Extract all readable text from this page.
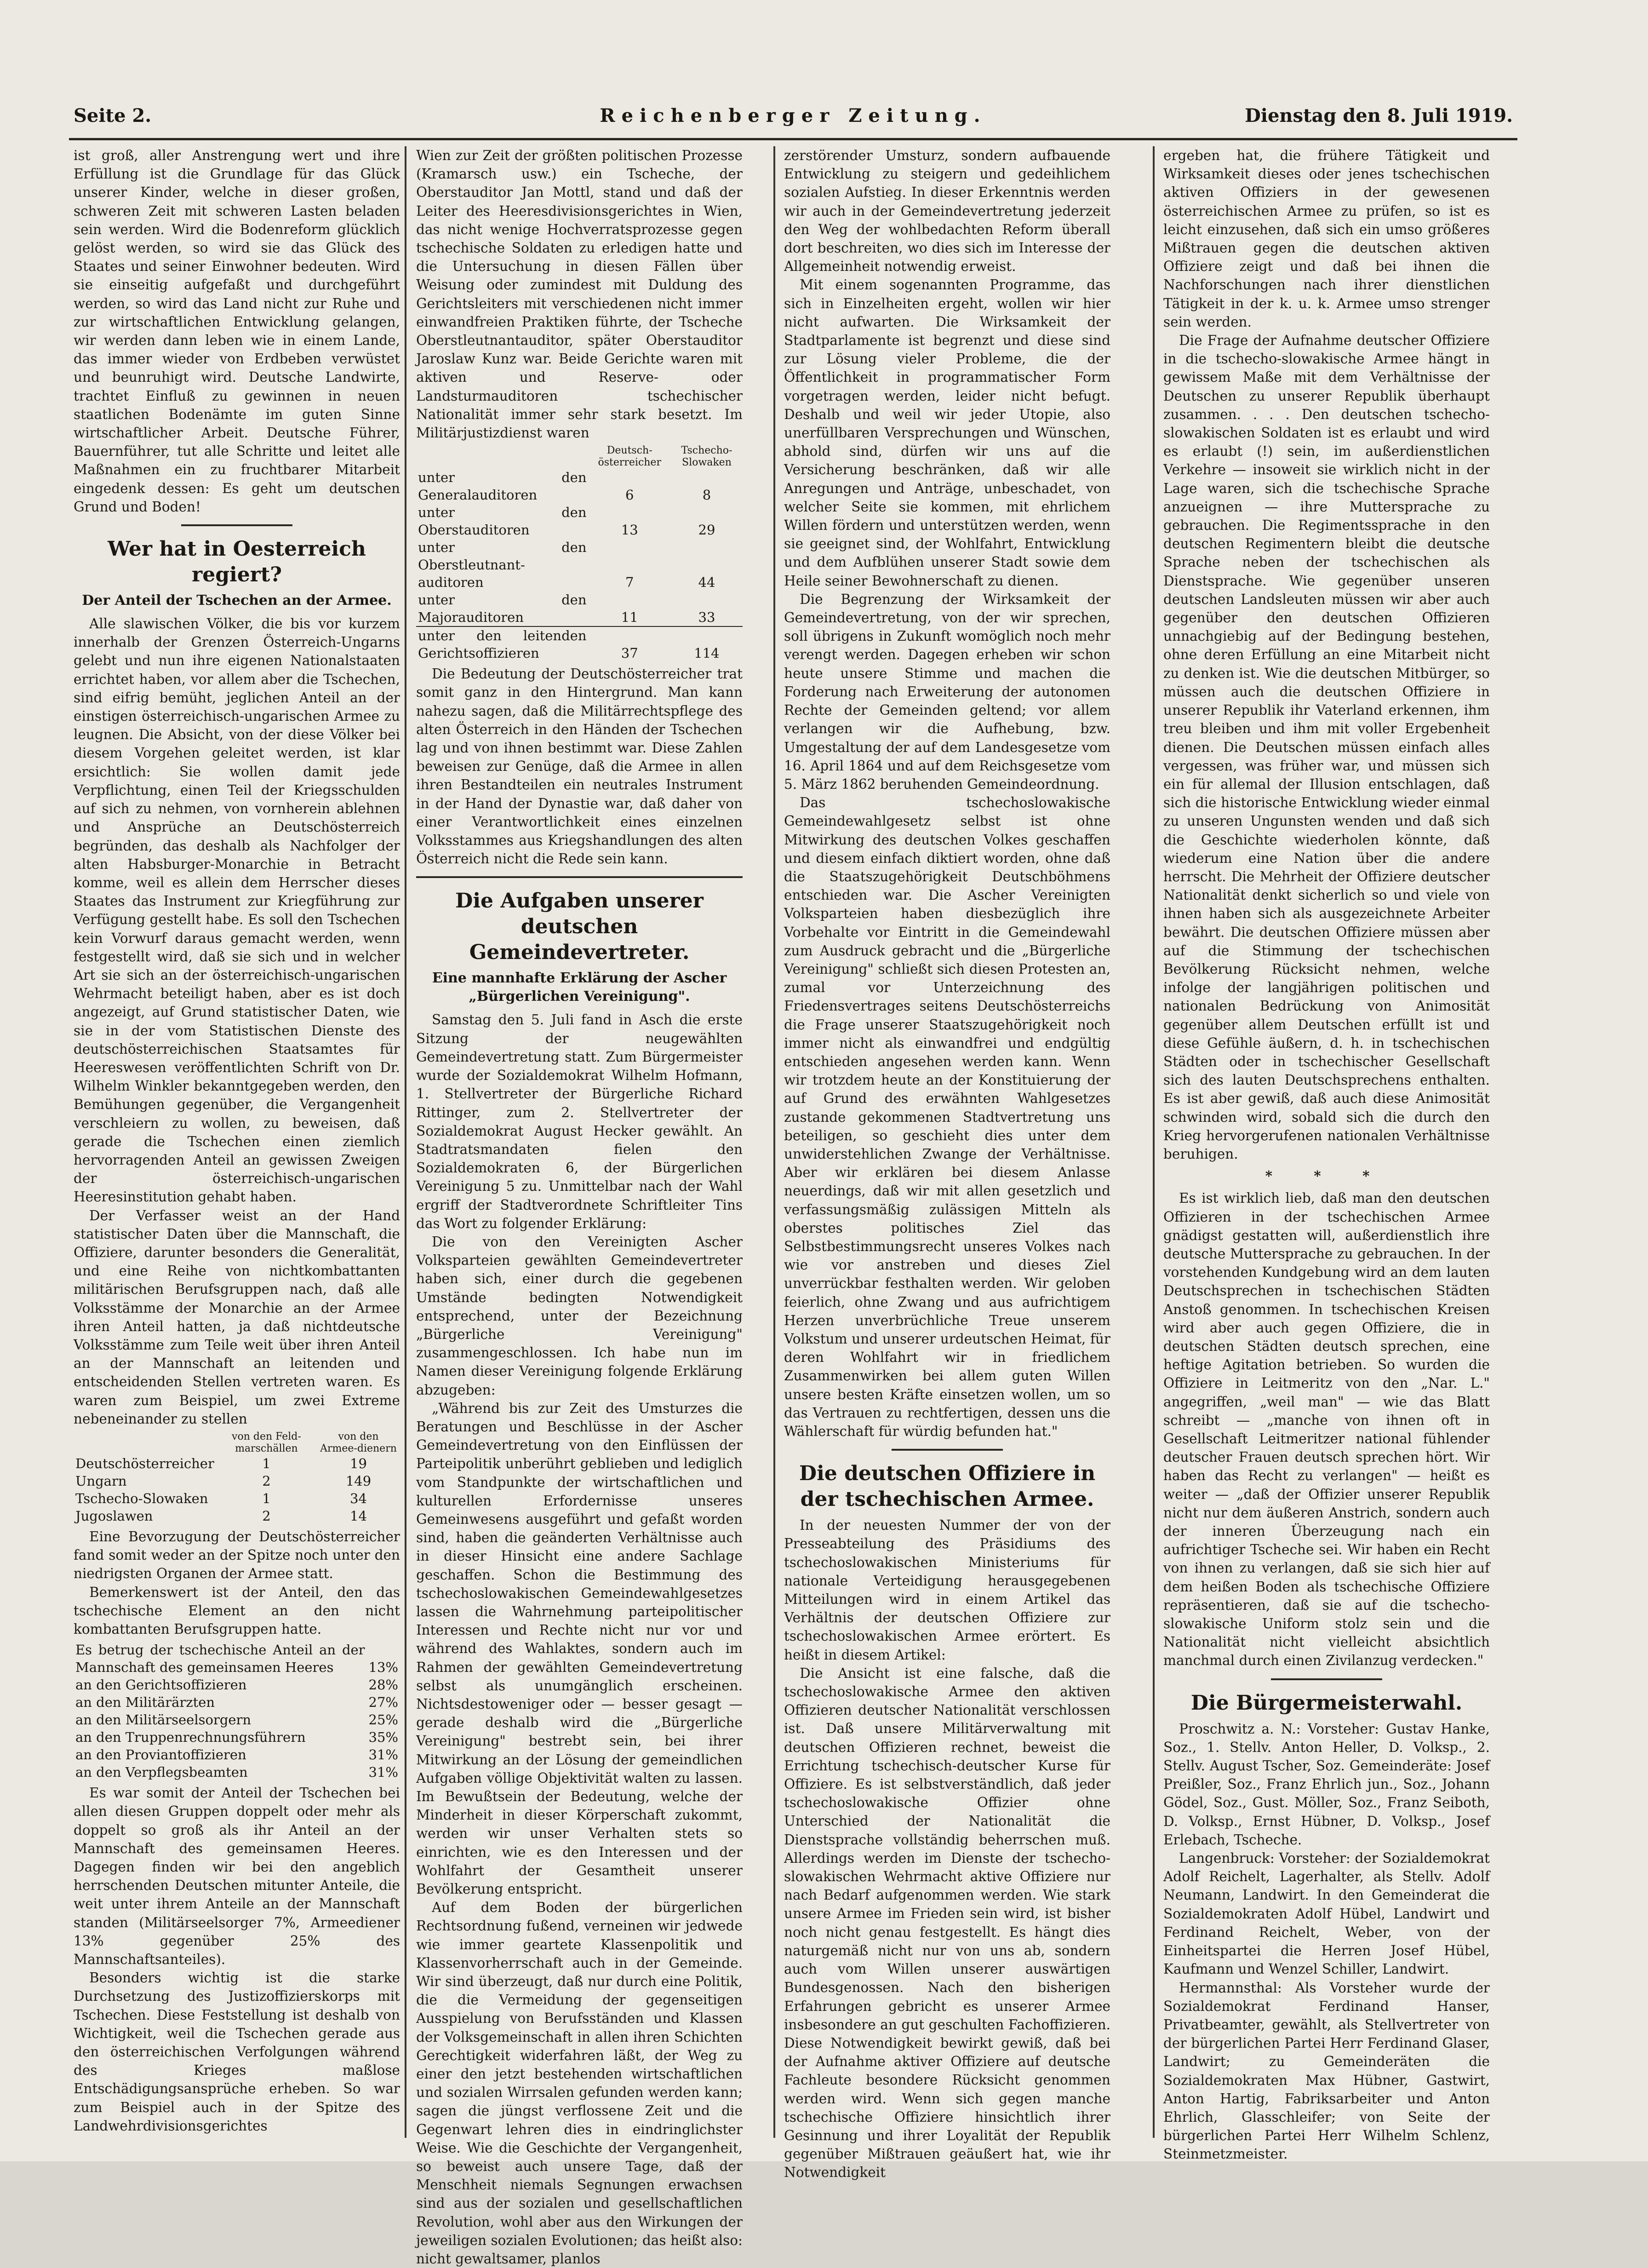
Seite 2.	Reichenberger Zeitung.	Dienstag den 8. Juli 1919.

ist groß, aller Anstrengung wert und ihre Erfüllung ist die Grundlage für das Glück unserer Kinder, welche in dieser großen, schweren Zeit mit schweren Lasten beladen sein werden. Wird die Bodenreform glücklich gelöst werden, so wird sie das Glück des Staates und seiner Einwohner bedeuten. Wird sie einseitig aufgefaßt und durchgeführt werden, so wird das Land nicht zur Ruhe und zur wirtschaftlichen Entwicklung gelangen, wir werden dann leben wie in einem Lande, das immer wieder von Erdbeben verwüstet und beunruhigt wird. Deutsche Landwirte, trachtet Einfluß zu gewinnen in neuen staatlichen Bodenämte im guten Sinne wirtschaftlicher Arbeit. Deutsche Führer, Bauernführer, tut alle Schritte und leitet alle Maßnahmen ein zu fruchtbarer Mitarbeit eingedenk dessen: Es geht um deutschen Grund und Boden!

Wer hat in Oesterreich regiert?
Der Anteil der Tschechen an der Armee.

Alle slawischen Völker, die bis vor kurzem innerhalb der Grenzen Österreich-Ungarns gelebt und nun ihre eigenen Nationalstaaten errichtet haben, vor allem aber die Tschechen, sind eifrig bemüht, jeglichen Anteil an der einstigen österreichisch-ungarischen Armee zu leugnen. Die Absicht, von der diese Völker bei diesem Vorgehen geleitet werden, ist klar ersichtlich: Sie wollen damit jede Verpflichtung, einen Teil der Kriegsschulden auf sich zu nehmen, von vornherein ablehnen und Ansprüche an Deutschösterreich begründen, das deshalb als Nachfolger der alten Habsburger-Monarchie in Betracht komme, weil es allein dem Herrscher dieses Staates das Instrument zur Kriegführung zur Verfügung gestellt habe. Es soll den Tschechen kein Vorwurf daraus gemacht werden, wenn festgestellt wird, daß sie sich und in welcher Art sie sich an der österreichisch-ungarischen Wehrmacht beteiligt haben, aber es ist doch angezeigt, auf Grund statistischer Daten, wie sie in der vom Statistischen Dienste des deutschösterreichischen Staatsamtes für Heereswesen veröffentlichten Schrift von Dr. Wilhelm Winkler bekanntgegeben werden, den Bemühungen gegenüber, die Vergangenheit verschleiern zu wollen, zu beweisen, daß gerade die Tschechen einen ziemlich hervorragenden Anteil an gewissen Zweigen der österreichisch-ungarischen Heeresinstitution gehabt haben.

Der Verfasser weist an der Hand statistischer Daten über die Mannschaft, die Offiziere, darunter besonders die Generalität, und eine Reihe von nichtkombattanten militärischen Berufsgruppen nach, daß alle Volksstämme der Monarchie an der Armee ihren Anteil hatten, ja daß nichtdeutsche Volksstämme zum Teile weit über ihren Anteil an der Mannschaft an leitenden und entscheidenden Stellen vertreten waren. Es waren zum Beispiel, um zwei Extreme nebeneinander zu stellen

	von den Feld-marschällen	von den Armee-dienern
Deutschösterreicher	1	19
Ungarn	2	149
Tschecho-Slowaken	1	34
Jugoslawen	2	14

Eine Bevorzugung der Deutschösterreicher fand somit weder an der Spitze noch unter den niedrigsten Organen der Armee statt.

Bemerkenswert ist der Anteil, den das tschechische Element an den nicht kombattanten Berufsgruppen hatte.

Es betrug der tschechische Anteil an der Mannschaft des gemeinsamen Heeres	13%
an den Gerichtsoffizieren	28%
an den Militärärzten	27%
an den Militärseelsorgern	25%
an den Truppenrechnungsführern	35%
an den Proviantoffizieren	31%
an den Verpflegsbeamten	31%

Es war somit der Anteil der Tschechen bei allen diesen Gruppen doppelt oder mehr als doppelt so groß als ihr Anteil an der Mannschaft des gemeinsamen Heeres. Dagegen finden wir bei den angeblich herrschenden Deutschen mitunter Anteile, die weit unter ihrem Anteile an der Mannschaft standen (Militärseelsorger 7%, Armeediener 13% gegenüber 25% des Mannschaftsanteiles).

Besonders wichtig ist die starke Durchsetzung des Justizoffizierskorps mit Tschechen. Diese Feststellung ist deshalb von Wichtigkeit, weil die Tschechen gerade aus den österreichischen Verfolgungen während des Krieges maßlose Entschädigungsansprüche erheben. So war zum Beispiel auch in der Spitze des Landwehrdivisionsgerichtes

Wien zur Zeit der größten politischen Prozesse (Kramarsch usw.) ein Tscheche, der Oberstauditor Jan Mottl, stand und daß der Leiter des Heeresdivisionsgerichtes in Wien, das nicht wenige Hochverratsprozesse gegen tschechische Soldaten zu erledigen hatte und die Untersuchung in diesen Fällen über Weisung oder zumindest mit Duldung des Gerichtsleiters mit verschiedenen nicht immer einwandfreien Praktiken führte, der Tscheche Oberstleutnantauditor, später Oberstauditor Jaroslaw Kunz war. Beide Gerichte waren mit aktiven und Reserve- oder Landsturmauditoren tschechischer Nationalität immer sehr stark besetzt. Im Militärjustizdienst waren

	Deutsch-österreicher	Tschecho-Slowaken
unter den Generalauditoren	6	8
unter den Oberstauditoren	13	29
unter den Oberstleutnant-auditoren	7	44
unter den Majorauditoren	11	33
unter den leitenden Gerichtsoffizieren	37	114

Die Bedeutung der Deutschösterreicher trat somit ganz in den Hintergrund. Man kann nahezu sagen, daß die Militärrechtspflege des alten Österreich in den Händen der Tschechen lag und von ihnen bestimmt war. Diese Zahlen beweisen zur Genüge, daß die Armee in allen ihren Bestandteilen ein neutrales Instrument in der Hand der Dynastie war, daß daher von einer Verantwortlichkeit eines einzelnen Volksstammes aus Kriegshandlungen des alten Österreich nicht die Rede sein kann.

Die Aufgaben unserer deutschen Gemeindevertreter.
Eine mannhafte Erklärung der Ascher „Bürgerlichen Vereinigung".

Samstag den 5. Juli fand in Asch die erste Sitzung der neugewählten Gemeindevertretung statt. Zum Bürgermeister wurde der Sozialdemokrat Wilhelm Hofmann, 1. Stellvertreter der Bürgerliche Richard Rittinger, zum 2. Stellvertreter der Sozialdemokrat August Hecker gewählt. An Stadtratsmandaten fielen den Sozialdemokraten 6, der Bürgerlichen Vereinigung 5 zu. Unmittelbar nach der Wahl ergriff der Stadtverordnete Schriftleiter Tins das Wort zu folgender Erklärung:

Die von den Vereinigten Ascher Volksparteien gewählten Gemeindevertreter haben sich, einer durch die gegebenen Umstände bedingten Notwendigkeit entsprechend, unter der Bezeichnung „Bürgerliche Vereinigung" zusammengeschlossen. Ich habe nun im Namen dieser Vereinigung folgende Erklärung abzugeben:

„Während bis zur Zeit des Umsturzes die Beratungen und Beschlüsse in der Ascher Gemeindevertretung von den Einflüssen der Parteipolitik unberührt geblieben und lediglich vom Standpunkte der wirtschaftlichen und kulturellen Erfordernisse unseres Gemeinwesens ausgeführt und gefaßt worden sind, haben die geänderten Verhältnisse auch in dieser Hinsicht eine andere Sachlage geschaffen. Schon die Bestimmung des tschechoslowakischen Gemeindewahlgesetzes lassen die Wahrnehmung parteipolitischer Interessen und Rechte nicht nur vor und während des Wahlaktes, sondern auch im Rahmen der gewählten Gemeindevertretung selbst als unumgänglich erscheinen. Nichtsdestoweniger oder — besser gesagt — gerade deshalb wird die „Bürgerliche Vereinigung" bestrebt sein, bei ihrer Mitwirkung an der Lösung der gemeindlichen Aufgaben völlige Objektivität walten zu lassen. Im Bewußtsein der Bedeutung, welche der Minderheit in dieser Körperschaft zukommt, werden wir unser Verhalten stets so einrichten, wie es den Interessen und der Wohlfahrt der Gesamtheit unserer Bevölkerung entspricht.

Auf dem Boden der bürgerlichen Rechtsordnung fußend, verneinen wir jedwede wie immer geartete Klassenpolitik und Klassenvorherrschaft auch in der Gemeinde. Wir sind überzeugt, daß nur durch eine Politik, die die Vermeidung der gegenseitigen Ausspielung von Berufsständen und Klassen der Volksgemeinschaft in allen ihren Schichten Gerechtigkeit widerfahren läßt, der Weg zu einer den jetzt bestehenden wirtschaftlichen und sozialen Wirrsalen gefunden werden kann; sagen die jüngst verflossene Zeit und die Gegenwart lehren dies in eindringlichster Weise. Wie die Geschichte der Vergangenheit, so beweist auch unsere Tage, daß der Menschheit niemals Segnungen erwachsen sind aus der sozialen und gesellschaftlichen Revolution, wohl aber aus den Wirkungen der jeweiligen sozialen Evolutionen; das heißt also: nicht gewaltsamer, planlos

zerstörender Umsturz, sondern aufbauende Entwicklung zu steigern und gedeihlichem sozialen Aufstieg. In dieser Erkenntnis werden wir auch in der Gemeindevertretung jederzeit den Weg der wohlbedachten Reform überall dort beschreiten, wo dies sich im Interesse der Allgemeinheit notwendig erweist.

Mit einem sogenannten Programme, das sich in Einzelheiten ergeht, wollen wir hier nicht aufwarten. Die Wirksamkeit der Stadtparlamente ist begrenzt und diese sind zur Lösung vieler Probleme, die der Öffentlichkeit in programmatischer Form vorgetragen werden, leider nicht befugt. Deshalb und weil wir jeder Utopie, also unerfüllbaren Versprechungen und Wünschen, abhold sind, dürfen wir uns auf die Versicherung beschränken, daß wir alle Anregungen und Anträge, unbeschadet, von welcher Seite sie kommen, mit ehrlichem Willen fördern und unterstützen werden, wenn sie geeignet sind, der Wohlfahrt, Entwicklung und dem Aufblühen unserer Stadt sowie dem Heile seiner Bewohnerschaft zu dienen.

Die Begrenzung der Wirksamkeit der Gemeindevertretung, von der wir sprechen, soll übrigens in Zukunft womöglich noch mehr verengt werden. Dagegen erheben wir schon heute unsere Stimme und machen die Forderung nach Erweiterung der autonomen Rechte der Gemeinden geltend; vor allem verlangen wir die Aufhebung, bzw. Umgestaltung der auf dem Landesgesetze vom 16. April 1864 und auf dem Reichsgesetze vom 5. März 1862 beruhenden Gemeindeordnung.

Das tschechoslowakische Gemeindewahlgesetz selbst ist ohne Mitwirkung des deutschen Volkes geschaffen und diesem einfach diktiert worden, ohne daß die Staatszugehörigkeit Deutschböhmens entschieden war. Die Ascher Vereinigten Volksparteien haben diesbezüglich ihre Vorbehalte vor Eintritt in die Gemeindewahl zum Ausdruck gebracht und die „Bürgerliche Vereinigung" schließt sich diesen Protesten an, zumal vor Unterzeichnung des Friedensvertrages seitens Deutschösterreichs die Frage unserer Staatszugehörigkeit noch immer nicht als einwandfrei und endgültig entschieden angesehen werden kann. Wenn wir trotzdem heute an der Konstituierung der auf Grund des erwähnten Wahlgesetzes zustande gekommenen Stadtvertretung uns beteiligen, so geschieht dies unter dem unwiderstehlichen Zwange der Verhältnisse. Aber wir erklären bei diesem Anlasse neuerdings, daß wir mit allen gesetzlich und verfassungsmäßig zulässigen Mitteln als oberstes politisches Ziel das Selbstbestimmungsrecht unseres Volkes nach wie vor anstreben und dieses Ziel unverrückbar festhalten werden. Wir geloben feierlich, ohne Zwang und aus aufrichtigem Herzen unverbrüchliche Treue unserem Volkstum und unserer urdeutschen Heimat, für deren Wohlfahrt wir in friedlichem Zusammenwirken bei allem guten Willen unsere besten Kräfte einsetzen wollen, um so das Vertrauen zu rechtfertigen, dessen uns die Wählerschaft für würdig befunden hat."

Die deutschen Offiziere in der tschechischen Armee.

In der neuesten Nummer der von der Presseabteilung des Präsidiums des tschechoslowakischen Ministeriums für nationale Verteidigung herausgegebenen Mitteilungen wird in einem Artikel das Verhältnis der deutschen Offiziere zur tschechoslowakischen Armee erörtert. Es heißt in diesem Artikel:

Die Ansicht ist eine falsche, daß die tschechoslowakische Armee den aktiven Offizieren deutscher Nationalität verschlossen ist. Daß unsere Militärverwaltung mit deutschen Offizieren rechnet, beweist die Errichtung tschechisch-deutscher Kurse für Offiziere. Es ist selbstverständlich, daß jeder tschechoslowakische Offizier ohne Unterschied der Nationalität die Dienstsprache vollständig beherrschen muß. Allerdings werden im Dienste der tschecho-slowakischen Wehrmacht aktive Offiziere nur nach Bedarf aufgenommen werden. Wie stark unsere Armee im Frieden sein wird, ist bisher noch nicht genau festgestellt. Es hängt dies naturgemäß nicht nur von uns ab, sondern auch vom Willen unserer auswärtigen Bundesgenossen. Nach den bisherigen Erfahrungen gebricht es unserer Armee insbesondere an gut geschulten Fachoffizieren. Diese Notwendigkeit bewirkt gewiß, daß bei der Aufnahme aktiver Offiziere auf deutsche Fachleute besondere Rücksicht genommen werden wird. Wenn sich gegen manche tschechische Offiziere hinsichtlich ihrer Gesinnung und ihrer Loyalität der Republik gegenüber Mißtrauen geäußert hat, wie ihr Notwendigkeit

ergeben hat, die frühere Tätigkeit und Wirksamkeit dieses oder jenes tschechischen aktiven Offiziers in der gewesenen österreichischen Armee zu prüfen, so ist es leicht einzusehen, daß sich ein umso größeres Mißtrauen gegen die deutschen aktiven Offiziere zeigt und daß bei ihnen die Nachforschungen nach ihrer dienstlichen Tätigkeit in der k. u. k. Armee umso strenger sein werden.

Die Frage der Aufnahme deutscher Offiziere in die tschecho-slowakische Armee hängt in gewissem Maße mit dem Verhältnisse der Deutschen zu unserer Republik überhaupt zusammen. . . . Den deutschen tschecho-slowakischen Soldaten ist es erlaubt und wird es erlaubt (!) sein, im außerdienstlichen Verkehre — insoweit sie wirklich nicht in der Lage waren, sich die tschechische Sprache anzueignen — ihre Muttersprache zu gebrauchen. Die Regimentssprache in den deutschen Regimentern bleibt die deutsche Sprache neben der tschechischen als Dienstsprache. Wie gegenüber unseren deutschen Landsleuten müssen wir aber auch gegenüber den deutschen Offizieren unnachgiebig auf der Bedingung bestehen, ohne deren Erfüllung an eine Mitarbeit nicht zu denken ist. Wie die deutschen Mitbürger, so müssen auch die deutschen Offiziere in unserer Republik ihr Vaterland erkennen, ihm treu bleiben und ihm mit voller Ergebenheit dienen. Die Deutschen müssen einfach alles vergessen, was früher war, und müssen sich ein für allemal der Illusion entschlagen, daß sich die historische Entwicklung wieder einmal zu unseren Ungunsten wenden und daß sich die Geschichte wiederholen könnte, daß wiederum eine Nation über die andere herrscht. Die Mehrheit der Offiziere deutscher Nationalität denkt sicherlich so und viele von ihnen haben sich als ausgezeichnete Arbeiter bewährt. Die deutschen Offiziere müssen aber auf die Stimmung der tschechischen Bevölkerung Rücksicht nehmen, welche infolge der langjährigen politischen und nationalen Bedrückung von Animosität gegenüber allem Deutschen erfüllt ist und diese Gefühle äußern, d. h. in tschechischen Städten oder in tschechischer Gesellschaft sich des lauten Deutschsprechens enthalten. Es ist aber gewiß, daß auch diese Animosität schwinden wird, sobald sich die durch den Krieg hervorgerufenen nationalen Verhältnisse beruhigen.

* * *

Es ist wirklich lieb, daß man den deutschen Offizieren in der tschechischen Armee gnädigst gestatten will, außerdienstlich ihre deutsche Muttersprache zu gebrauchen. In der vorstehenden Kundgebung wird an dem lauten Deutschsprechen in tschechischen Städten Anstoß genommen. In tschechischen Kreisen wird aber auch gegen Offiziere, die in deutschen Städten deutsch sprechen, eine heftige Agitation betrieben. So wurden die Offiziere in Leitmeritz von den „Nar. L." angegriffen, „weil man" — wie das Blatt schreibt — „manche von ihnen oft in Gesellschaft Leitmeritzer national fühlender deutscher Frauen deutsch sprechen hört. Wir haben das Recht zu verlangen" — heißt es weiter — „daß der Offizier unserer Republik nicht nur dem äußeren Anstrich, sondern auch der inneren Überzeugung nach ein aufrichtiger Tscheche sei. Wir haben ein Recht von ihnen zu verlangen, daß sie sich hier auf dem heißen Boden als tschechische Offiziere repräsentieren, daß sie auf die tschecho-slowakische Uniform stolz sein und die Nationalität nicht vielleicht absichtlich manchmal durch einen Zivilanzug verdecken."

Die Bürgermeisterwahl.

Proschwitz a. N.: Vorsteher: Gustav Hanke, Soz., 1. Stellv. Anton Heller, D. Volksp., 2. Stellv. August Tscher, Soz. Gemeinderäte: Josef Preißler, Soz., Franz Ehrlich jun., Soz., Johann Gödel, Soz., Gust. Möller, Soz., Franz Seiboth, D. Volksp., Ernst Hübner, D. Volksp., Josef Erlebach, Tscheche.

Langenbruck: Vorsteher: der Sozialdemokrat Adolf Reichelt, Lagerhalter, als Stellv. Adolf Neumann, Landwirt. In den Gemeinderat die Sozialdemokraten Adolf Hübel, Landwirt und Ferdinand Reichelt, Weber, von der Einheitspartei die Herren Josef Hübel, Kaufmann und Wenzel Schiller, Landwirt.

Hermannsthal: Als Vorsteher wurde der Sozialdemokrat Ferdinand Hanser, Privatbeamter, gewählt, als Stellvertreter von der bürgerlichen Partei Herr Ferdinand Glaser, Landwirt; zu Gemeinderäten die Sozialdemokraten Max Hübner, Gastwirt, Anton Hartig, Fabriksarbeiter und Anton Ehrlich, Glasschleifer; von Seite der bürgerlichen Partei Herr Wilhelm Schlenz, Steinmetzmeister.
